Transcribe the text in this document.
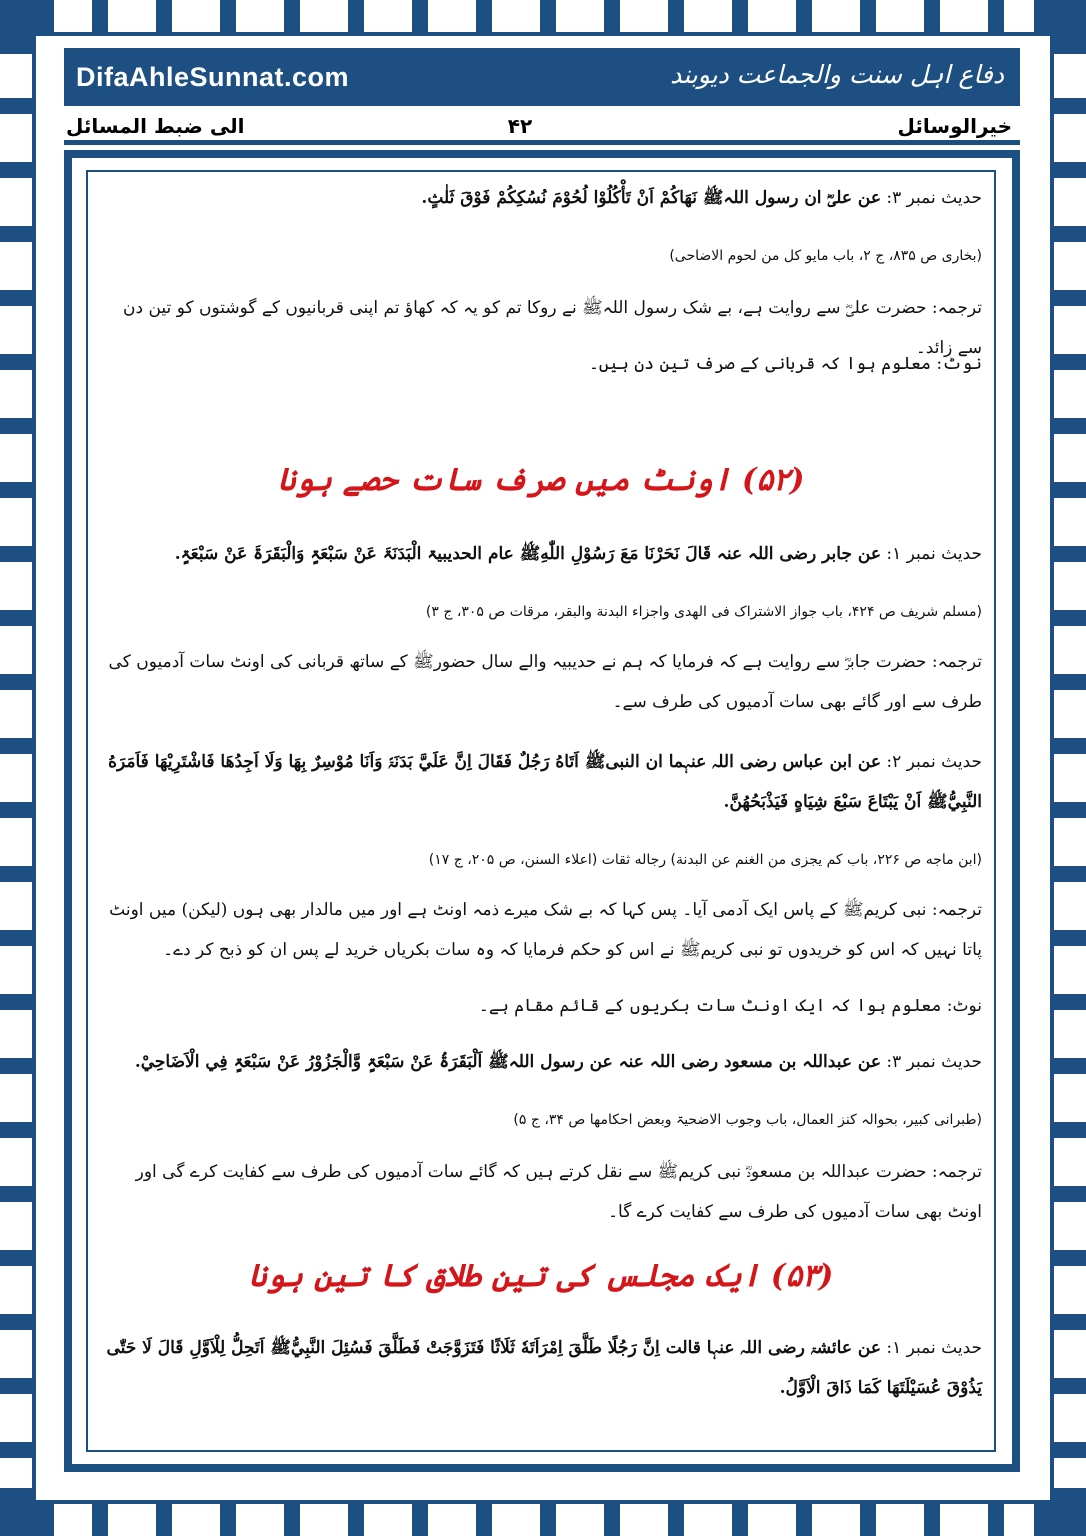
DifaAhleSunnat.com	دفاع اہل سنت والجماعت دیوبند
خیرالوسائل
۴۲
الی ضبط المسائل
حدیث نمبر ۳: عن علیؓ ان رسول اللہﷺ نَهَاكُمْ اَنْ تَأْكُلُوْا لُحُوْمَ نُسُكِكُمْ فَوْقَ ثَلٰثٍ.
(بخاری ص ۸۳۵، ج ۲، باب مایو کل من لحوم الاضاحی)
ترجمہ: حضرت علیؓ سے روایت ہے، بے شک رسول اللہﷺ نے روکا تم کو یہ کہ کھاؤ تم اپنی قربانیوں کے گوشتوں کو تین دن سے زائد۔
نوٹ: معلوم ہوا کہ قربانی کے صرف تین دن ہیں۔
(۵۲) اونٹ میں صرف سات حصے ہونا
حدیث نمبر ۱: عن جابر رضی اللہ عنہ قَالَ نَحَرْنَا مَعَ رَسُوْلِ اللّٰهِﷺ عام الحدیبیۃ الْبَدَنَۃَ عَنْ سَبْعَۃٍ وَالْبَقَرَۃَ عَنْ سَبْعَۃٍ.
(مسلم شریف ص ۴۲۴، باب جواز الاشتراک فی الهدی واجزاء البدنة والبقر، مرقات ص ۳۰۵، ج ۳)
ترجمہ: حضرت جابرؓ سے روایت ہے کہ فرمایا کہ ہم نے حدیبیہ والے سال حضورﷺ کے ساتھ قربانی کی اونٹ سات آدمیوں کی طرف سے اور گائے بھی سات آدمیوں کی طرف سے۔
حدیث نمبر ۲: عن ابن عباس رضی اللہ عنہما ان النبیﷺ اَتَاهُ رَجُلٌ فَقَالَ اِنَّ عَلَيَّ بَدَنَۃً وَاَنَا مُوْسِرٌ بِهَا وَلَا اَجِدُهَا فَاشْتَرِيْهَا فَاَمَرَهُ النَّبِيُّﷺ اَنْ يَبْتَاعَ سَبْعَ شِيَاهٍ فَيَذْبَحُهُنَّ.
(ابن ماجه ص ۲۲۶، باب کم یجزی من الغنم عن البدنة) رجاله ثقات (اعلاء السنن، ص ۲۰۵، ج ۱۷)
ترجمہ: نبی کریمﷺ کے پاس ایک آدمی آیا۔ پس کہا کہ بے شک میرے ذمہ اونٹ ہے اور میں مالدار بھی ہوں (لیکن) میں اونٹ پاتا نہیں کہ اس کو خریدوں تو نبی کریمﷺ نے اس کو حکم فرمایا کہ وہ سات بکریاں خرید لے پس ان کو ذبح کر دے۔
نوٹ: معلوم ہوا کہ ایک اونٹ سات بکریوں کے قائم مقام ہے۔
حدیث نمبر ۳: عن عبداللہ بن مسعود رضی اللہ عنہ عن رسول اللہﷺ اَلْبَقَرَۃُ عَنْ سَبْعَۃٍ وَّالْجَزُوْرُ عَنْ سَبْعَۃٍ فِي الْاَضَاحِيْ.
(طبرانی کبیر، بحوالہ کنز العمال، باب وجوب الاضحیۃ وبعض احکامها ص ۳۴، ج ۵)
ترجمہ: حضرت عبداللہ بن مسعودؓ نبی کریمﷺ سے نقل کرتے ہیں کہ گائے سات آدمیوں کی طرف سے کفایت کرے گی اور اونٹ بھی سات آدمیوں کی طرف سے کفایت کرے گا۔
(۵۳) ایک مجلس کی تین طلاق کا تین ہونا
حدیث نمبر ۱: عن عائشۃ رضی اللہ عنہا قالت اِنَّ رَجُلًا طَلَّقَ اِمْرَاَتَهٗ ثَلَاثًا فَتَزَوَّجَتْ فَطَلَّقَ فَسُئِلَ النَّبِيُّﷺ اَتَحِلُّ لِلْاَوَّلِ قَالَ لَا حَتّٰى يَذُوْقَ عُسَيْلَتَهَا كَمَا ذَاقَ الْاَوَّلُ.
